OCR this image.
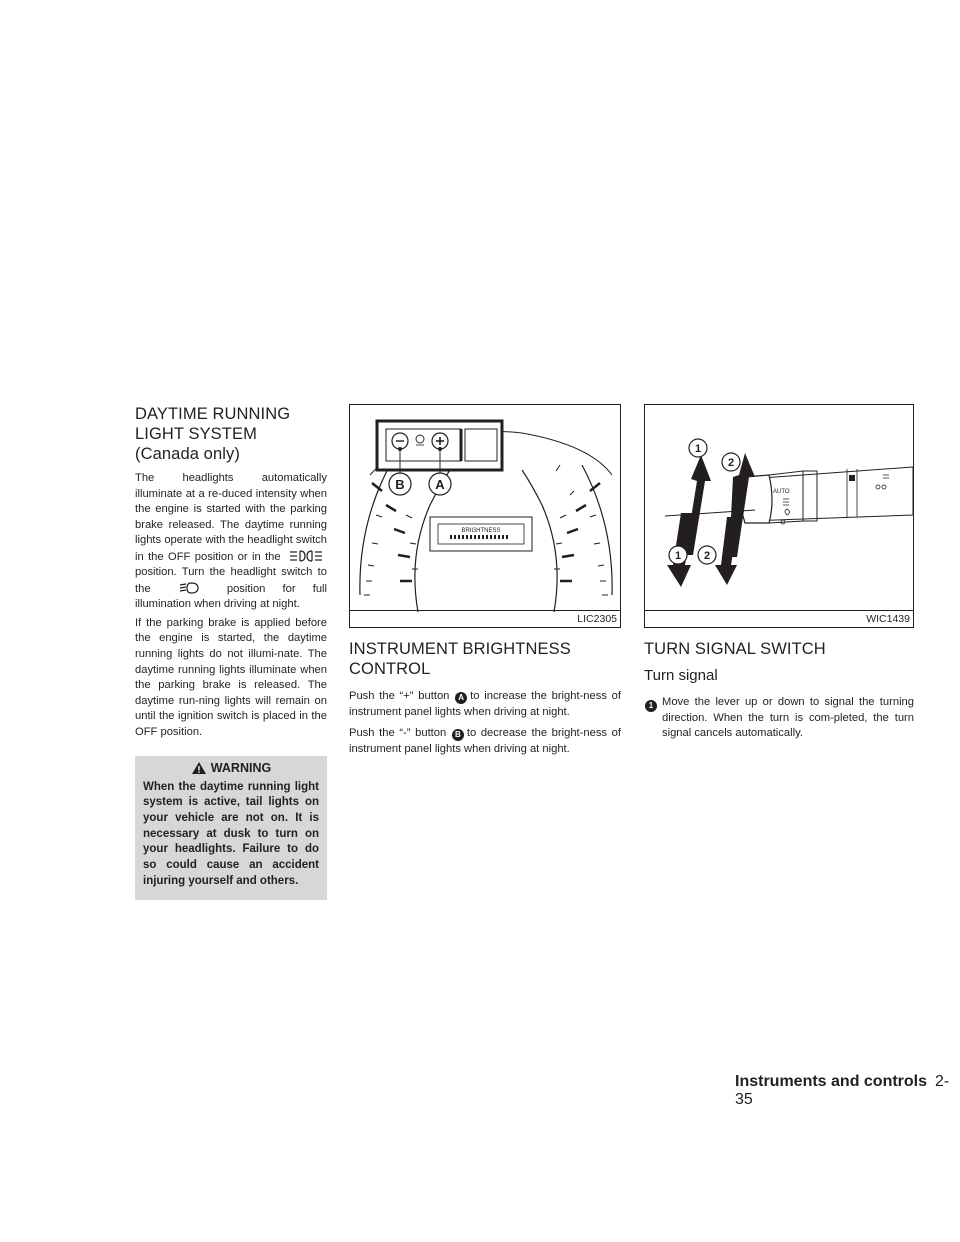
DAYTIME RUNNING LIGHT SYSTEM
(Canada only)

The headlights automatically illuminate at a re-duced intensity when the engine is started with the parking brake released. The daytime running lights operate with the headlight switch in the OFF position or in the  position. Turn the headlight switch to the	position for full illumination when driving at night.

If the parking brake is applied before the engine is started, the daytime running lights do not illumi-nate. The daytime running lights illuminate when the parking brake is released. The daytime run-ning lights will remain on until the ignition switch is placed in the OFF position.

WARNING

When the daytime running light system is active, tail lights on your vehicle are not on. It is necessary at dusk to turn on your headlights. Failure to do so could cause an accident injuring yourself and others.

BRIGHTNESS
B A
LIC2305
INSTRUMENT BRIGHTNESS
CONTROL

Push the “+” button A to increase the bright-ness of instrument panel lights when driving at night.

Push the “-” button B to decrease the bright-ness of instrument panel lights when driving at night.

AUTO
1
2
1 2
WIC1439
TURN SIGNAL SWITCH
Turn signal
1 Move the lever up or down to signal the turning direction. When the turn is com-pleted, the turn signal cancels automatically.
Instruments and controls 2-35
